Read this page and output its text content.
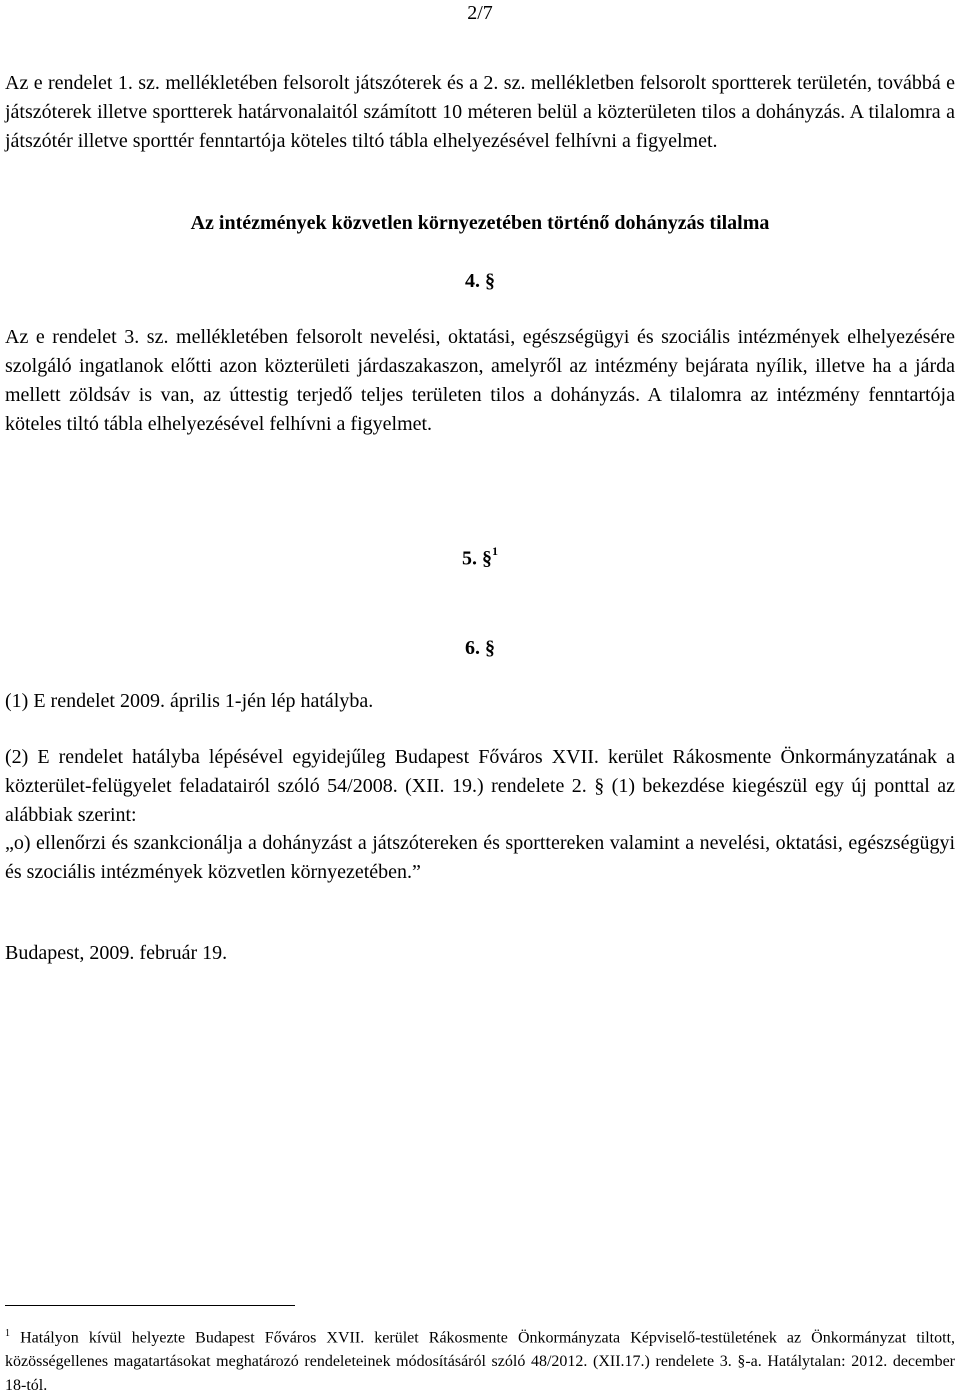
2/7
Az e rendelet 1. sz. mellékletében felsorolt játszóterek és a 2. sz. mellékletben felsorolt sportterek területén, továbbá e játszóterek illetve sportterek határvonalaitól számított 10 méteren belül a közterületen tilos a dohányzás. A tilalomra a játszótér illetve sporttér fenntartója köteles tiltó tábla elhelyezésével felhívni a figyelmet.
Az intézmények közvetlen környezetében történő dohányzás tilalma
4. §
Az e rendelet 3. sz. mellékletében felsorolt nevelési, oktatási, egészségügyi és szociális intézmények elhelyezésére szolgáló ingatlanok előtti azon közterületi járdaszakaszon, amelyről az intézmény bejárata nyílik, illetve ha a járda mellett zöldsáv is van, az úttestig terjedő teljes területen tilos a dohányzás. A tilalomra az intézmény fenntartója köteles tiltó tábla elhelyezésével felhívni a figyelmet.
5. §$^1$
6. §
(1) E rendelet 2009. április 1-jén lép hatályba.
(2) E rendelet hatályba lépésével egyidejűleg Budapest Főváros XVII. kerület Rákosmente Önkormányzatának a közterület-felügyelet feladatairól szóló 54/2008. (XII. 19.) rendelete 2. § (1) bekezdése kiegészül egy új ponttal az alábbiak szerint:
„o) ellenőrzi és szankcionálja a dohányzást a játszótereken és sporttereken valamint a nevelési, oktatási, egészségügyi és szociális intézmények közvetlen környezetében.”
Budapest, 2009. február 19.
$^1$ Hatályon kívül helyezte Budapest Főváros XVII. kerület Rákosmente Önkormányzata Képviselő-testületének az Önkormányzat tiltott, közösségellenes magatartásokat meghatározó rendeleteinek módosításáról szóló 48/2012. (XII.17.) rendelete 3. §-a. Hatálytalan: 2012. december 18-tól.
